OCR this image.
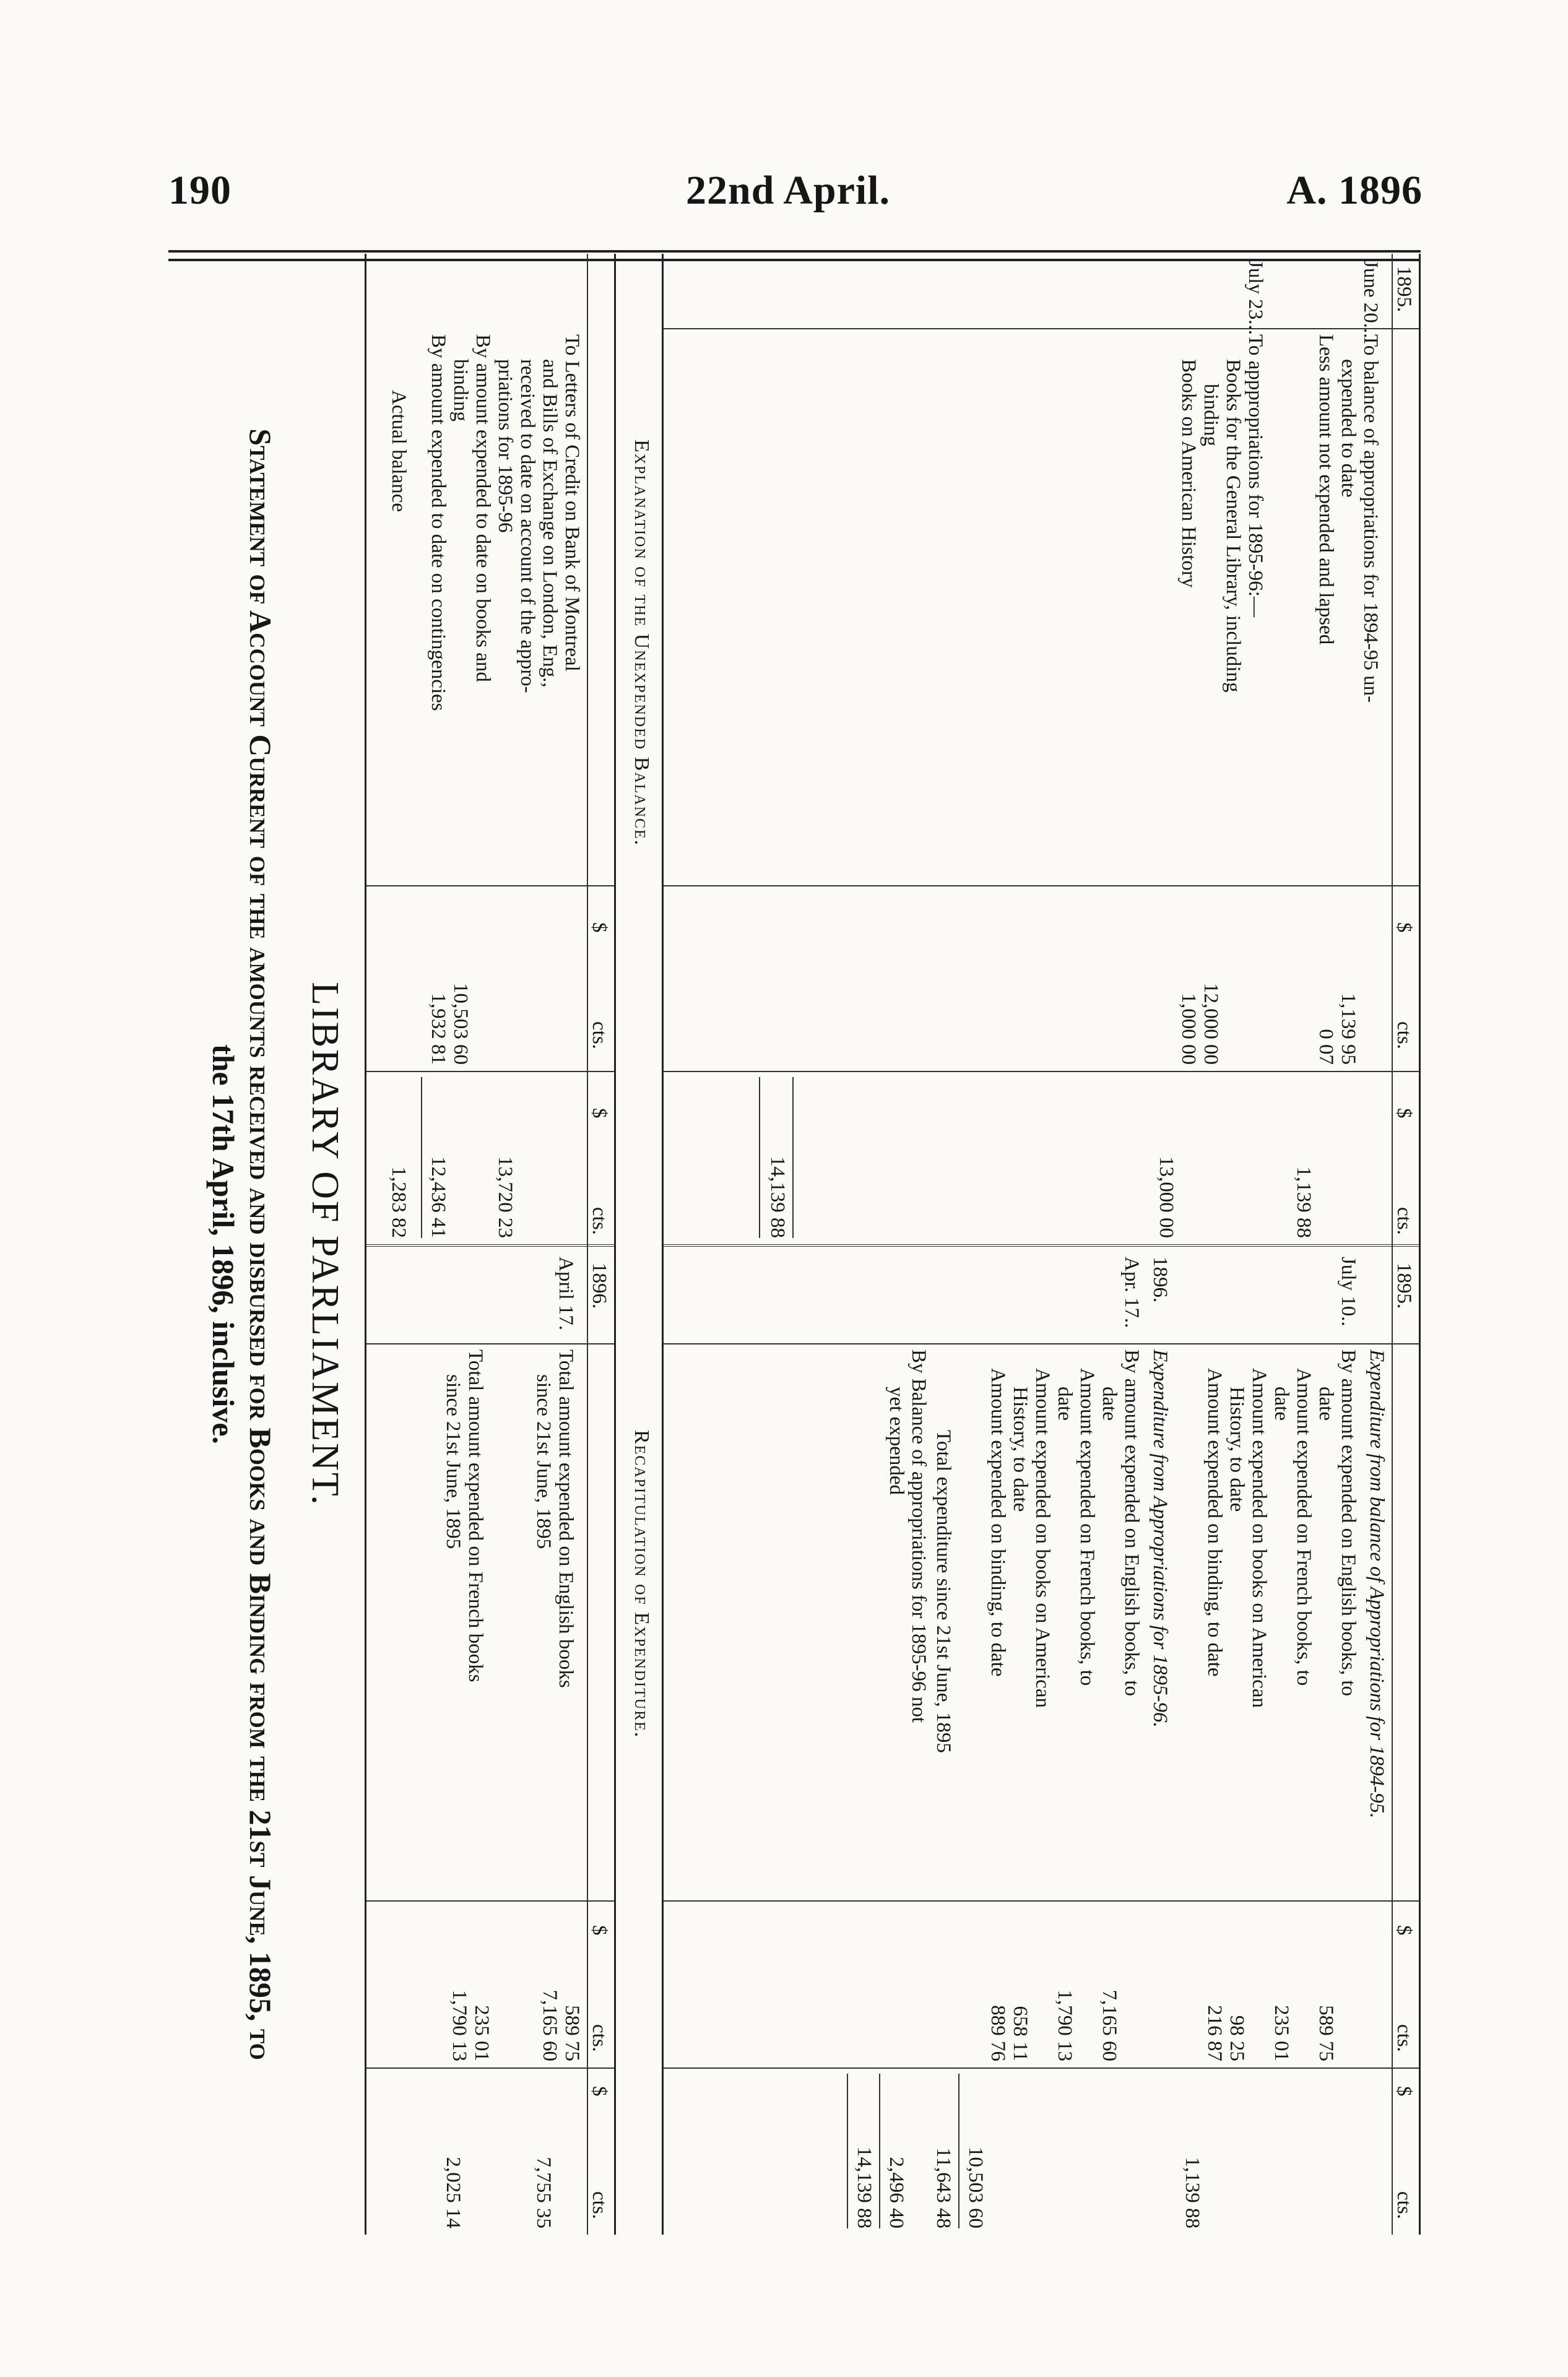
190	22nd April.	A. 1896
LIBRARY OF PARLIAMENT.
Statement of Account Current of the amounts received and disbursed for Books and Binding from the 21st June, 1895, to
the 17th April, 1896, inclusive.
1895.
$
cts.
$
cts.
June 20...
To balance of appropriations for 1894-95 un-
expended to date
1,139 95
Less amount not expended and lapsed
0 07
1,139 88
July 23...
To apppropriations for 1895-96:—
Books for the General Library, including
binding
12,000 00
Books on American History
1,000 00
13,000 00
14,139 88
1895.
$
cts.
$
cts.
Expenditure from balance of Appropriations for 1894-95.
July 10..
By amount expended on English books, to
date
589 75
Amount expended on French books, to
date
235 01
Amount expended on books on American
History, to date
98 25
Amount expended on binding, to date
216 87
1,139 88
1896.
Expenditure from Appropriations for 1895-96.
Apr. 17..
By amount expended on English books, to
date
7,165 60
Amount expended on French books, to
date
1,790 13
Amount expended on books on American
History, to date
658 11
Amount expended on binding, to date
889 76
10,503 60
Total expenditure since 21st June, 1895
11,643 48
By Balance of appropriations for 1895-96 not
yet expended
2,496 40
14,139 88
Explanation of the Unexpended Balance.
Recapitulation of Expenditure.
$
cts.
$
cts.
To Letters of Credit on Bank of Montreal
and Bills of Exchange on London, Eng.,
received to date on account of the appro-
priations for 1895-96
13,720 23
By amount expended to date on books and
binding
10,503 60
By amount expended to date on contingencies
1,932 81
12,436 41
Actual balance
1,283 82
1896.
$
cts.
$
cts.
April 17.
Total amount expended on English books
since 21st June, 1895
589 75
7,165 60
7,755 35
Total amount expended on French books
since 21st June, 1895
235 01
1,790 13
2,025 14
